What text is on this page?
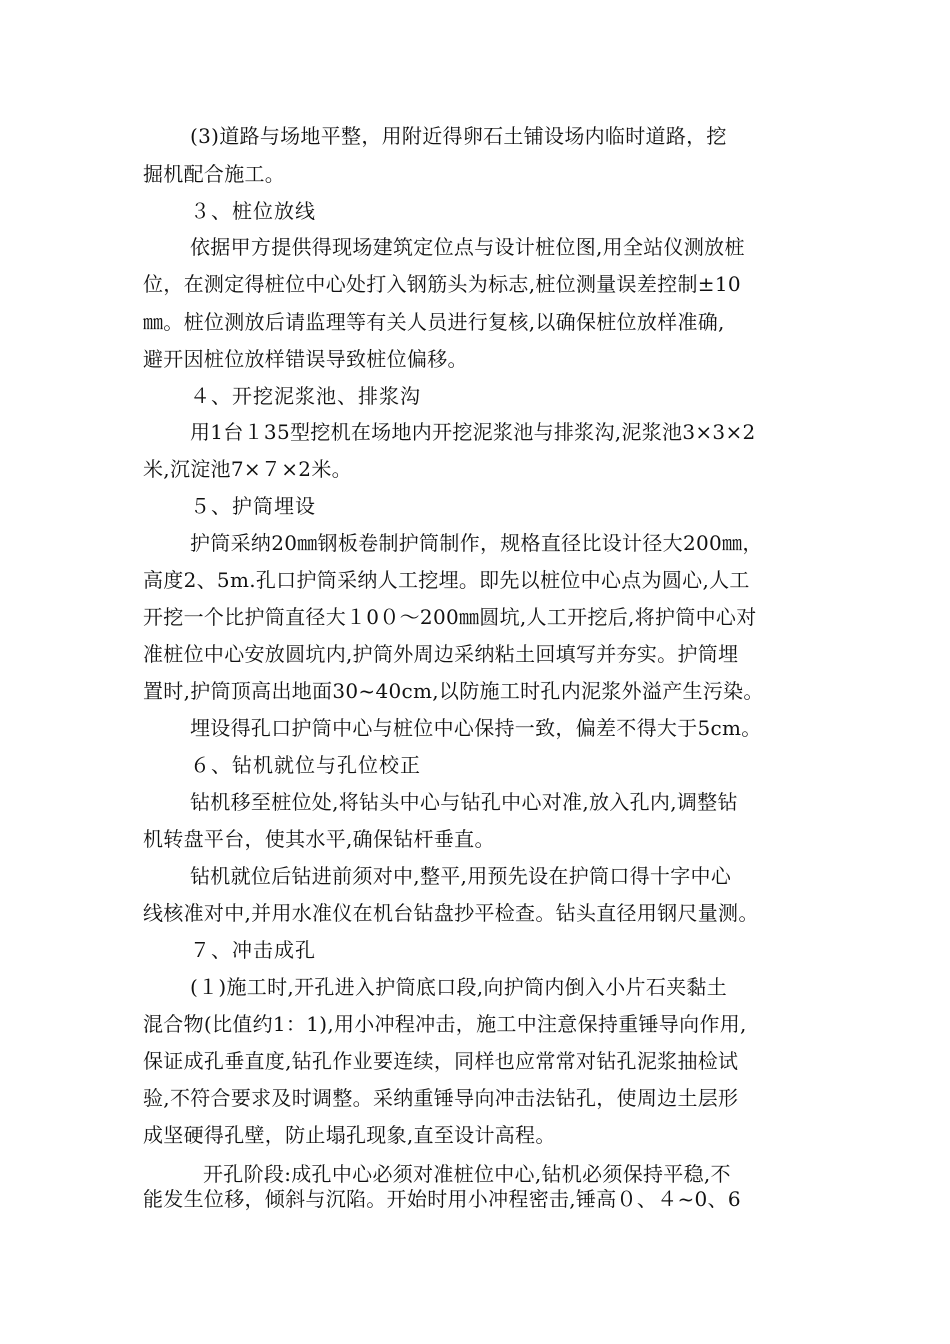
(3)道路与场地平整，用附近得卵石土铺设场内临时道路，挖
掘机配合施工。
３、桩位放线
依据甲方提供得现场建筑定位点与设计桩位图,用全站仪测放桩
位，在测定得桩位中心处打入钢筋头为标志,桩位测量误差控制±10
㎜。桩位测放后请监理等有关人员进行复核,以确保桩位放样准确,
避开因桩位放样错误导致桩位偏移。
４、开挖泥浆池、排浆沟
用1台１35型挖机在场地内开挖泥浆池与排浆沟,泥浆池3×3×2
米,沉淀池7×７×2米。
５、护筒埋设
护筒采纳20㎜钢板卷制护筒制作，规格直径比设计径大200㎜，
高度2、5m.孔口护筒采纳人工挖埋。即先以桩位中心点为圆心,人工
开挖一个比护筒直径大１0０～200㎜圆坑,人工开挖后,将护筒中心对
准桩位中心安放圆坑内,护筒外周边采纳粘土回填写并夯实。护筒埋
置时,护筒顶高出地面30~40cm,以防施工时孔内泥浆外溢产生污染。
埋设得孔口护筒中心与桩位中心保持一致，偏差不得大于5cm。
６、钻机就位与孔位校正
钻机移至桩位处,将钻头中心与钻孔中心对准,放入孔内,调整钻
机转盘平台，使其水平,确保钻杆垂直。
钻机就位后钻进前须对中,整平,用预先设在护筒口得十字中心
线核准对中,并用水准仪在机台钻盘抄平检查。钻头直径用钢尺量测。
７、冲击成孔
(１)施工时,开孔进入护筒底口段,向护筒内倒入小片石夹黏土
混合物(比值约1：1),用小冲程冲击，施工中注意保持重锤导向作用,
保证成孔垂直度,钻孔作业要连续，同样也应常常对钻孔泥浆抽检试
验,不符合要求及时调整。采纳重锤导向冲击法钻孔，使周边土层形
成坚硬得孔壁，防止塌孔现象,直至设计高程。
开孔阶段:成孔中心必须对准桩位中心,钻机必须保持平稳,不
能发生位移，倾斜与沉陷。开始时用小冲程密击,锤高０、４~0、6
